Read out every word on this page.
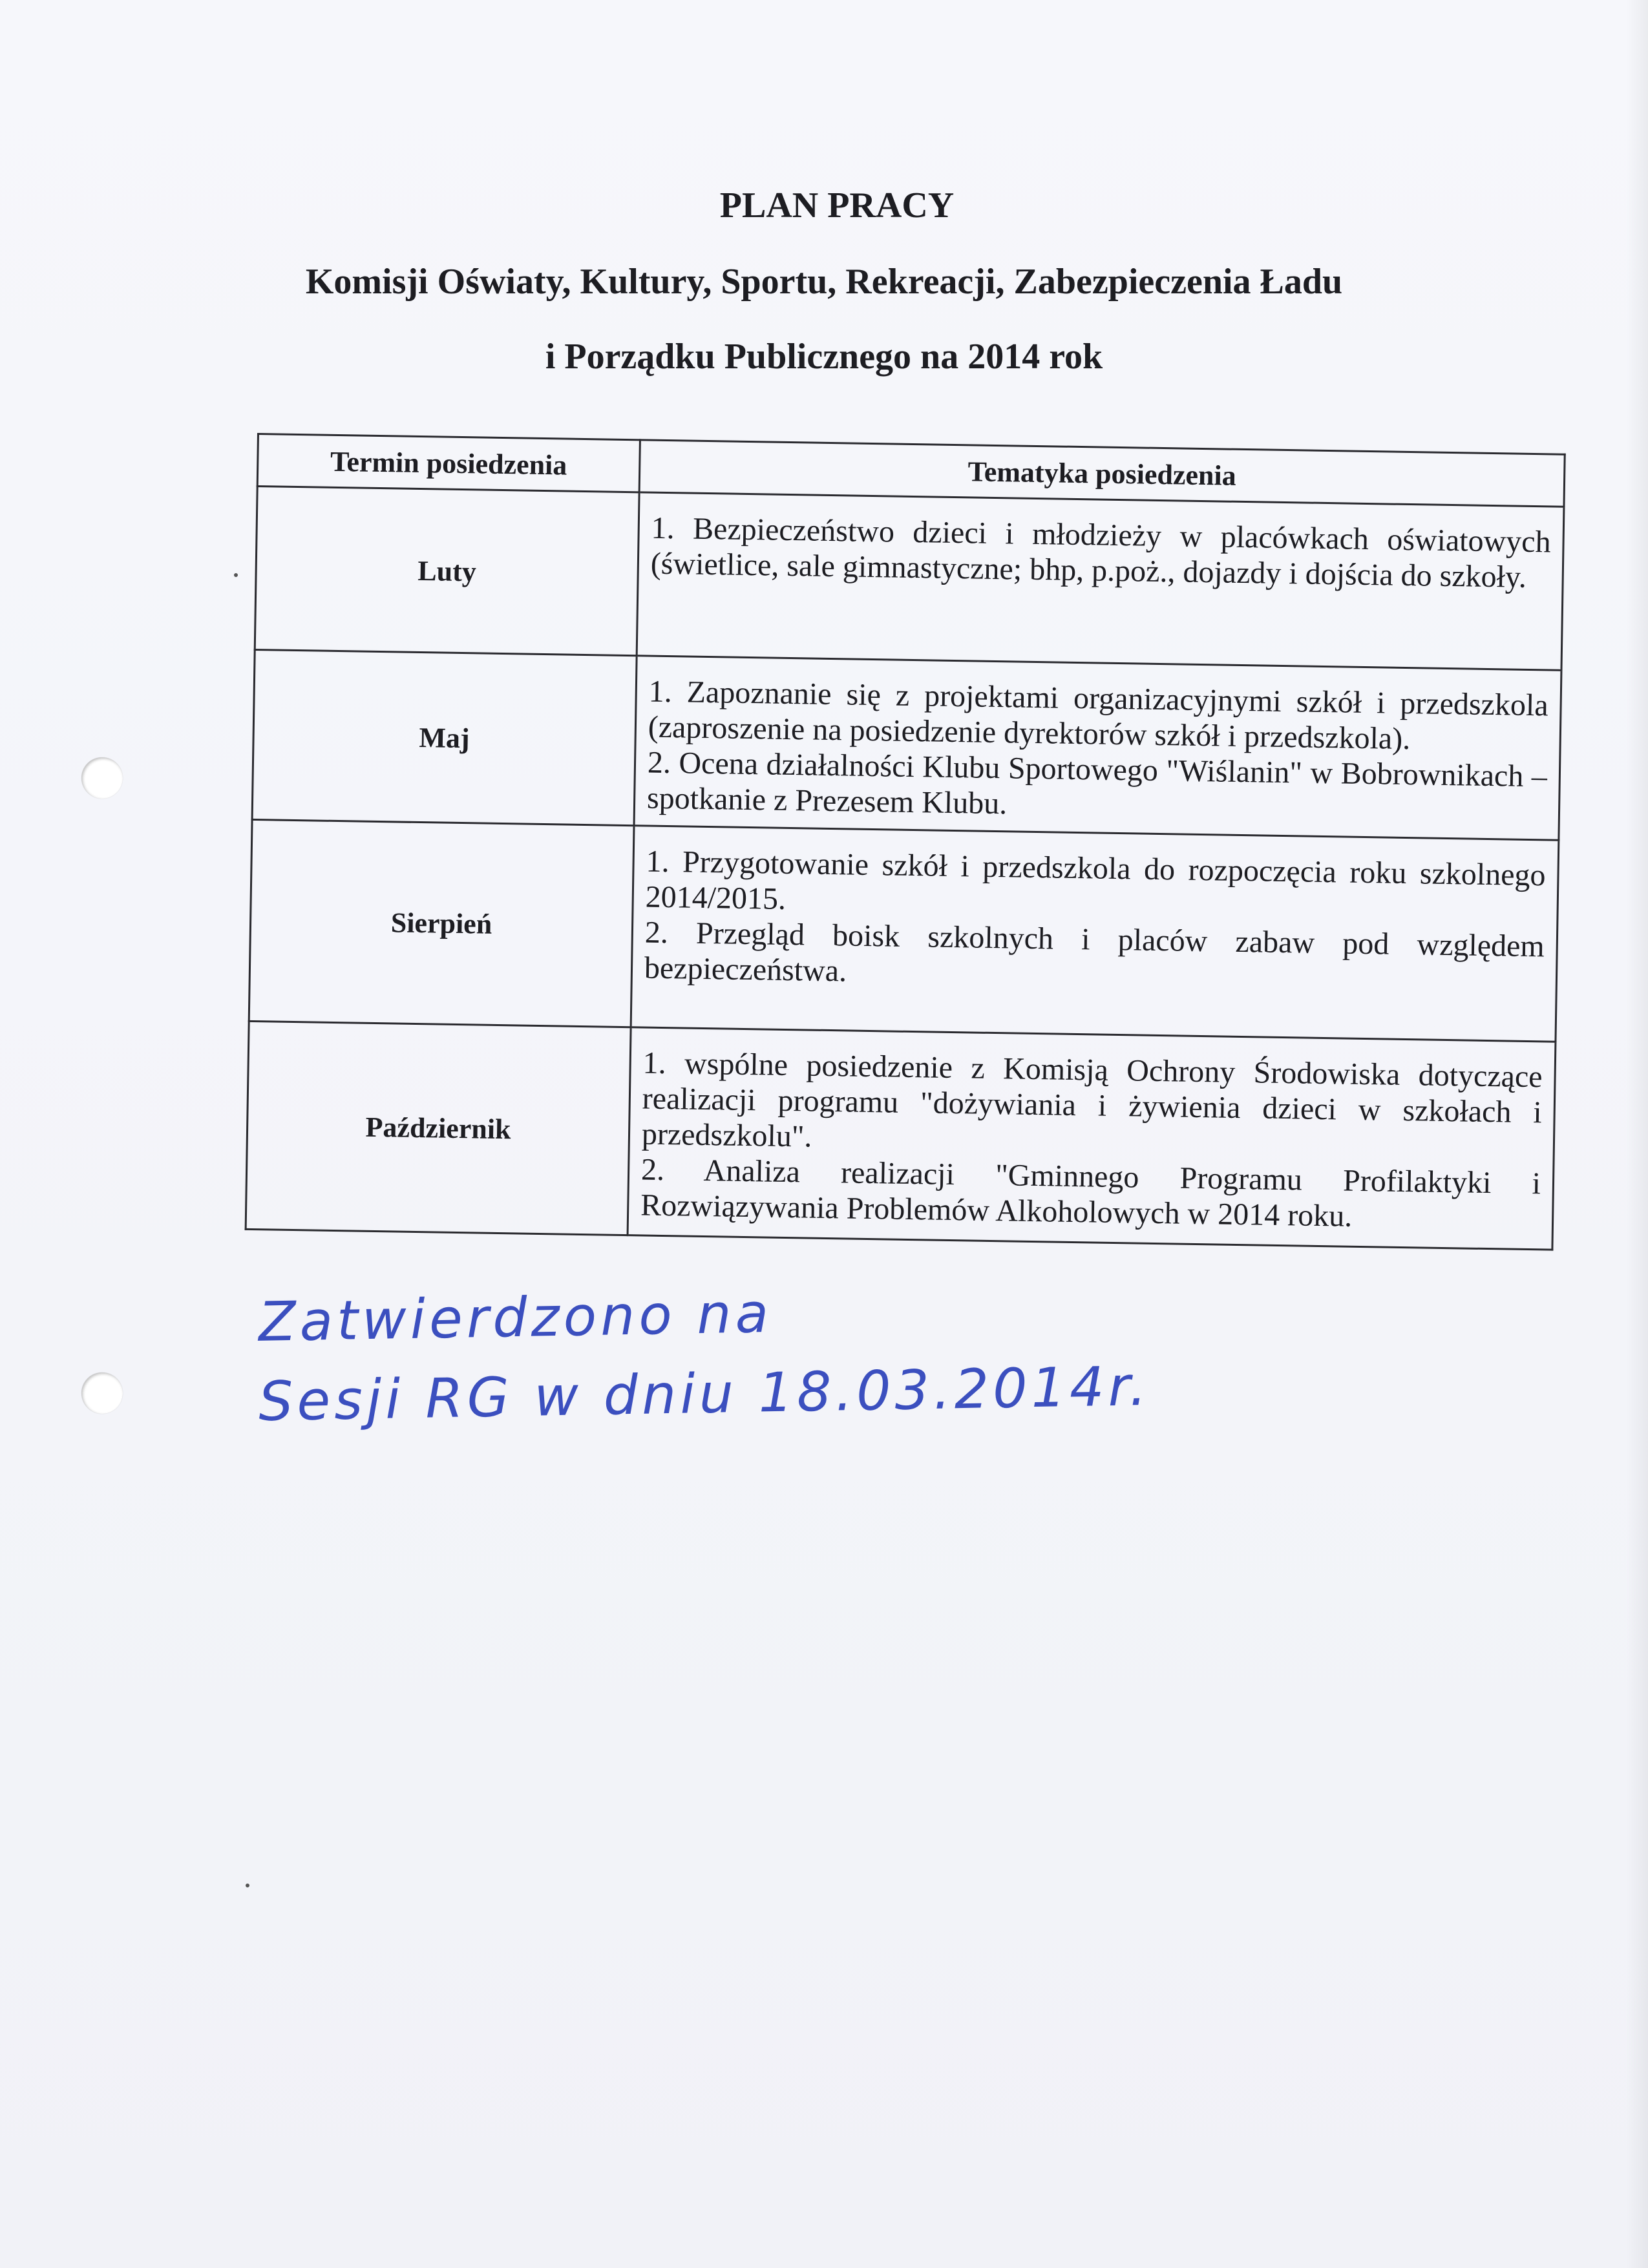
PLAN PRACY
Komisji Oświaty, Kultury, Sportu, Rekreacji, Zabezpieczenia Ładu
i Porządku Publicznego na 2014 rok
Termin posiedzenia	Tematyka posiedzenia
Luty	1. Bezpieczeństwo dzieci i młodzieży w placówkach oświatowych (świetlice, sale gimnastyczne; bhp, p.poż., dojazdy i dojścia do szkoły.

Maj	1. Zapoznanie się z projektami organizacyjnymi szkół i przedszkola (zaproszenie na posiedzenie dyrektorów szkół i przedszkola).
2. Ocena działalności Klubu Sportowego "Wiślanin" w Bobrownikach – spotkanie z Prezesem Klubu.

Sierpień	1. Przygotowanie szkół i przedszkola do rozpoczęcia roku szkolnego 2014/2015.
2. Przegląd boisk szkolnych i placów zabaw pod względem bezpieczeństwa.

Październik	1. wspólne posiedzenie z Komisją Ochrony Środowiska dotyczące realizacji programu "dożywiania i żywienia dzieci w szkołach i przedszkolu".
2. Analiza realizacji "Gminnego Programu Profilaktyki i Rozwiązywania Problemów Alkoholowych w 2014 roku.
Zatwierdzono na
Sesji RG w dniu 18.03.2014r.
